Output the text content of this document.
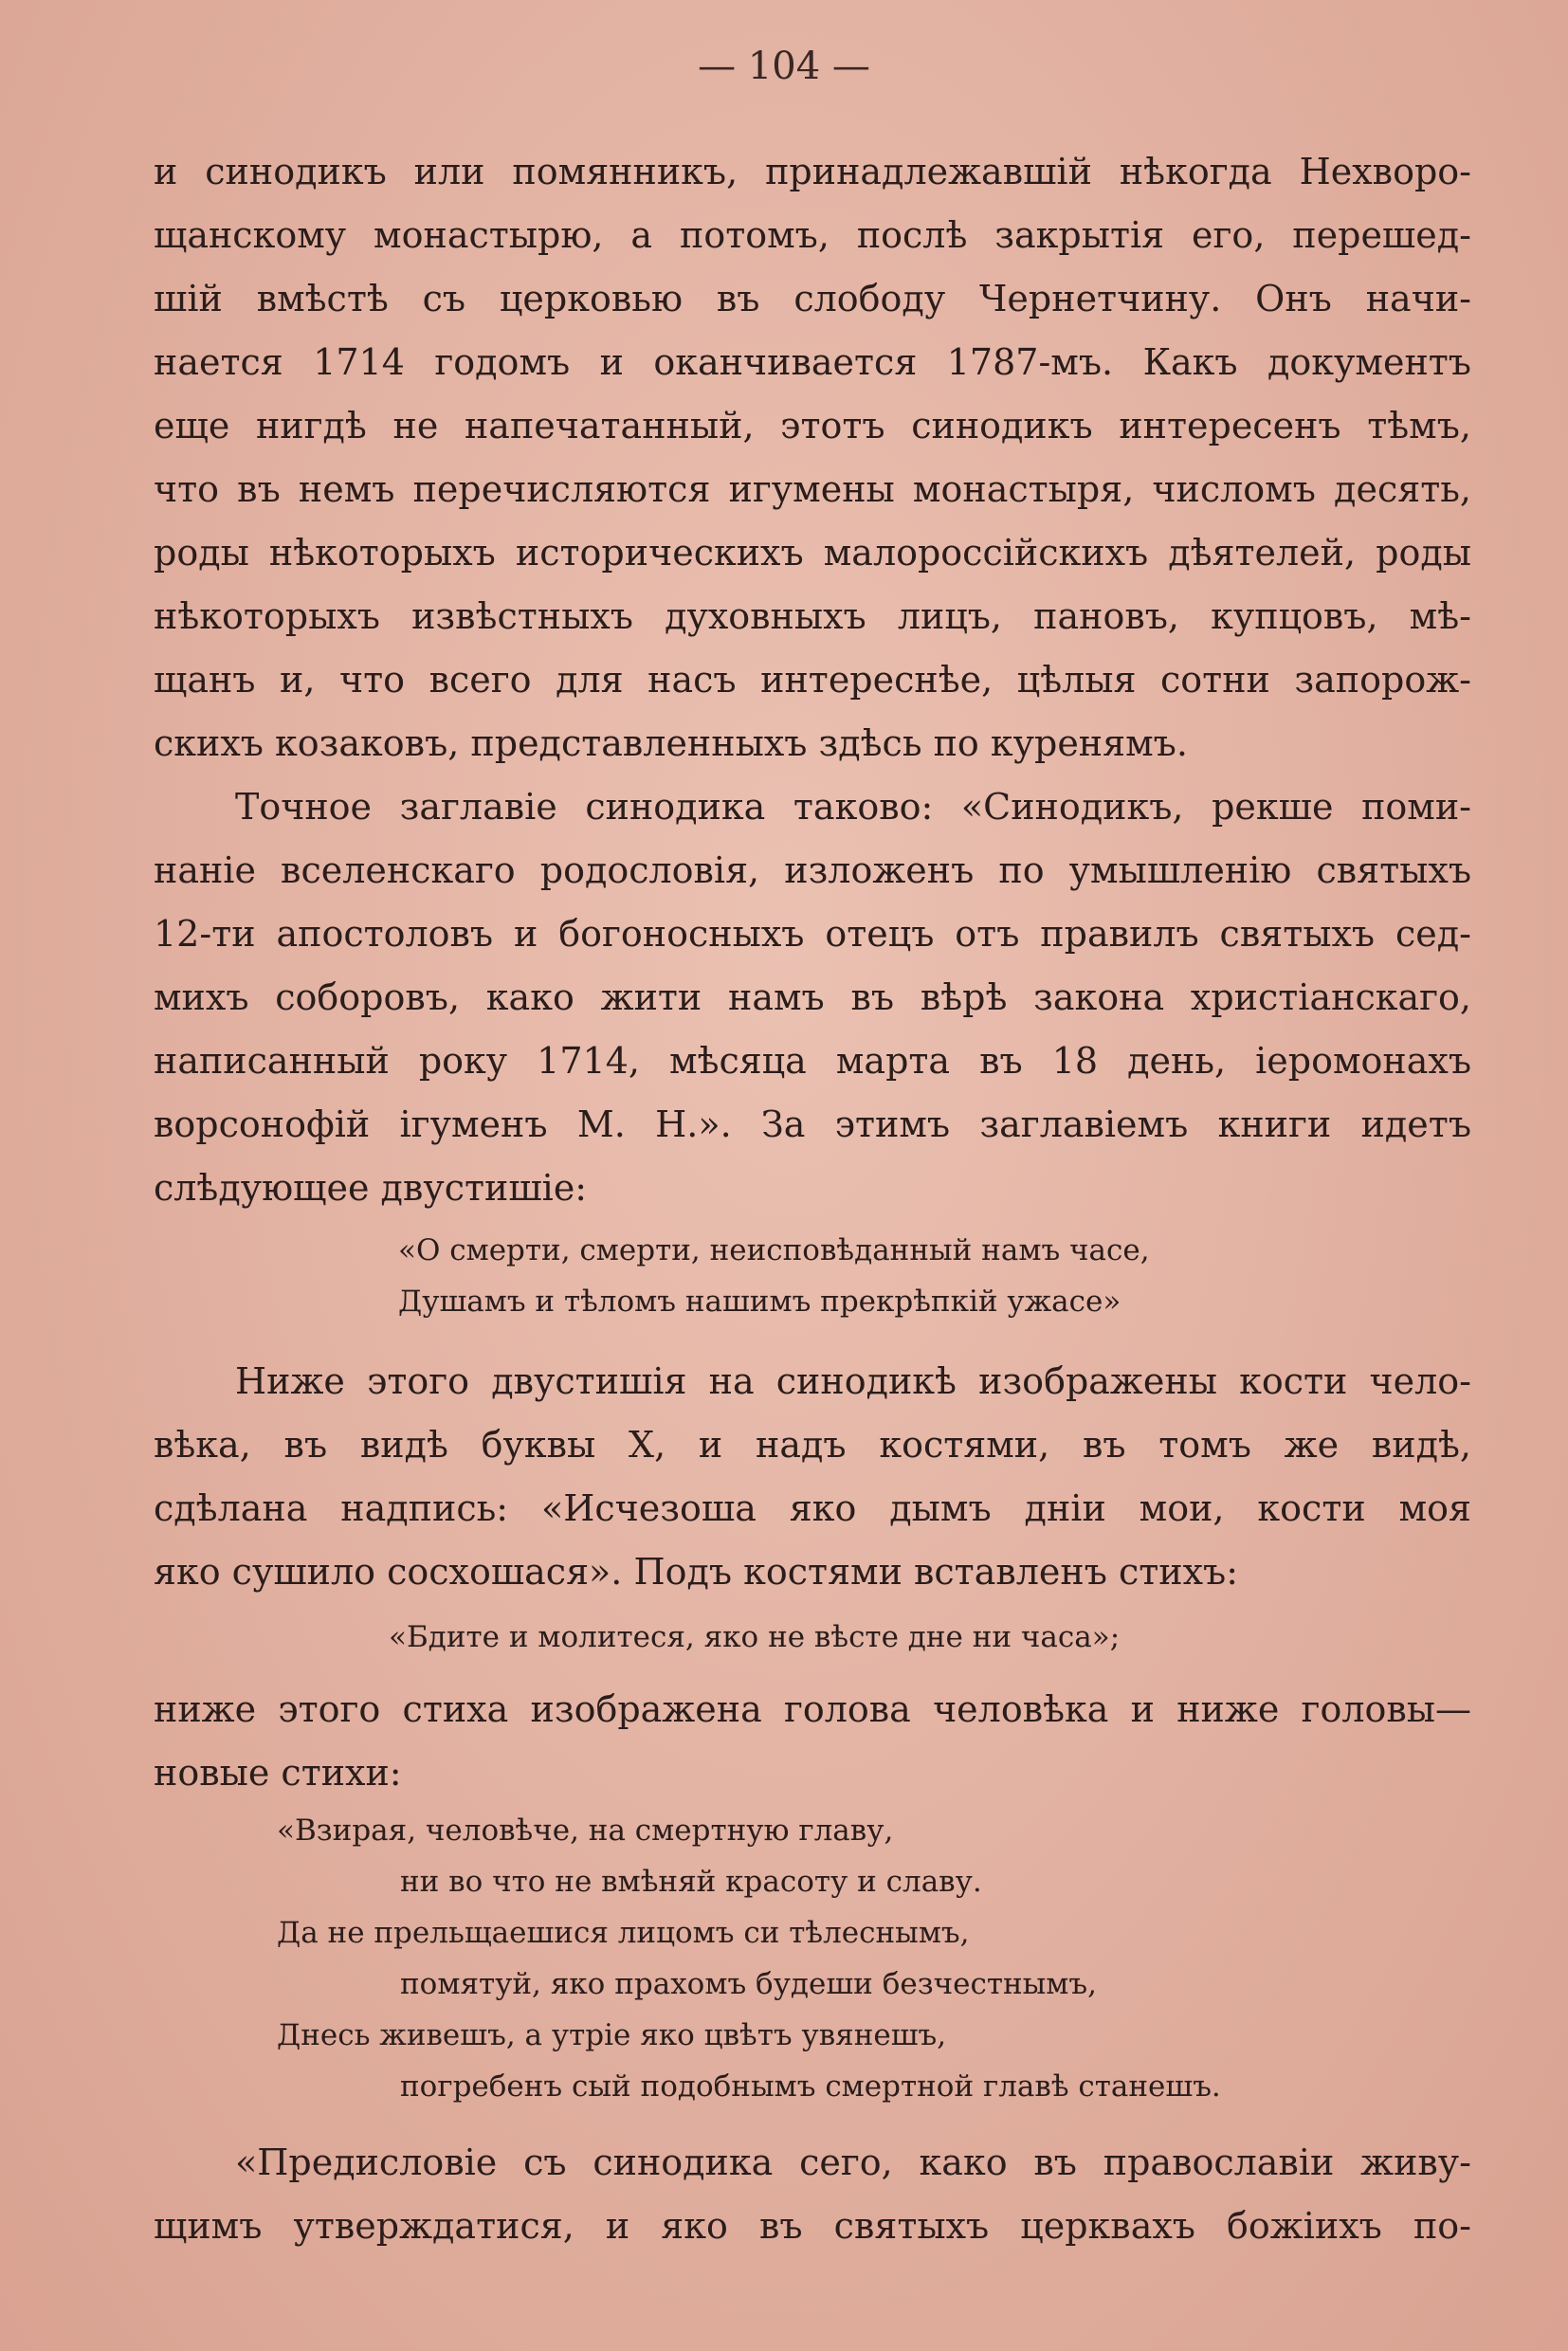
— 104 —
и синодикъ или помянникъ, принадлежавшій нѣкогда Нехворо-
щанскому монастырю, а потомъ, послѣ закрытія его, перешед-
шій вмѣстѣ съ церковью въ слободу Чернетчину. Онъ начи-
нается 1714 годомъ и оканчивается 1787-мъ. Какъ документъ
еще нигдѣ не напечатанный, этотъ синодикъ интересенъ тѣмъ,
что въ немъ перечисляются игумены монастыря, числомъ десять,
роды нѣкоторыхъ историческихъ малороссійскихъ дѣятелей, роды
нѣкоторыхъ извѣстныхъ духовныхъ лицъ, пановъ, купцовъ, мѣ-
щанъ и, что всего для насъ интереснѣе, цѣлыя сотни запорож-
скихъ козаковъ, представленныхъ здѣсь по куренямъ.
Точное заглавіе синодика таково: «Синодикъ, рекше поми-
наніе вселенскаго родословія, изложенъ по умышленію святыхъ
12-ти апостоловъ и богоносныхъ отецъ отъ правилъ святыхъ сед-
михъ соборовъ, како жити намъ въ вѣрѣ закона христіанскаго,
написанный року 1714, мѣсяца марта въ 18 день, іеромонахъ
ворсонофій ігуменъ М. Н.». За этимъ заглавіемъ книги идетъ
слѣдующее двустишіе:
«О смерти, смерти, неисповѣданный намъ часе,
Душамъ и тѣломъ нашимъ прекрѣпкій ужасе»
Ниже этого двустишія на синодикѣ изображены кости чело-
вѣка, въ видѣ буквы X, и надъ костями, въ томъ же видѣ,
сдѣлана надпись: «Исчезоша яко дымъ днiи мои, кости моя
яко сушило сосхошася». Подъ костями вставленъ стихъ:
«Бдите и молитеся, яко не вѣсте дне ни часа»;
ниже этого стиха изображена голова человѣка и ниже головы—
новые стихи:
«Взирая, человѣче, на смертную главу,
ни во что не вмѣняй красоту и славу.
Да не прельщаешися лицомъ си тѣлеснымъ,
помятуй, яко прахомъ будеши безчестнымъ,
Днесь живешъ, а утріе яко цвѣтъ увянешъ,
погребенъ сый подобнымъ смертной главѣ станешъ.
«Предисловіе съ синодика сего, како въ православіи живу-
щимъ утверждатися, и яко въ святыхъ церквахъ божіихъ по-
